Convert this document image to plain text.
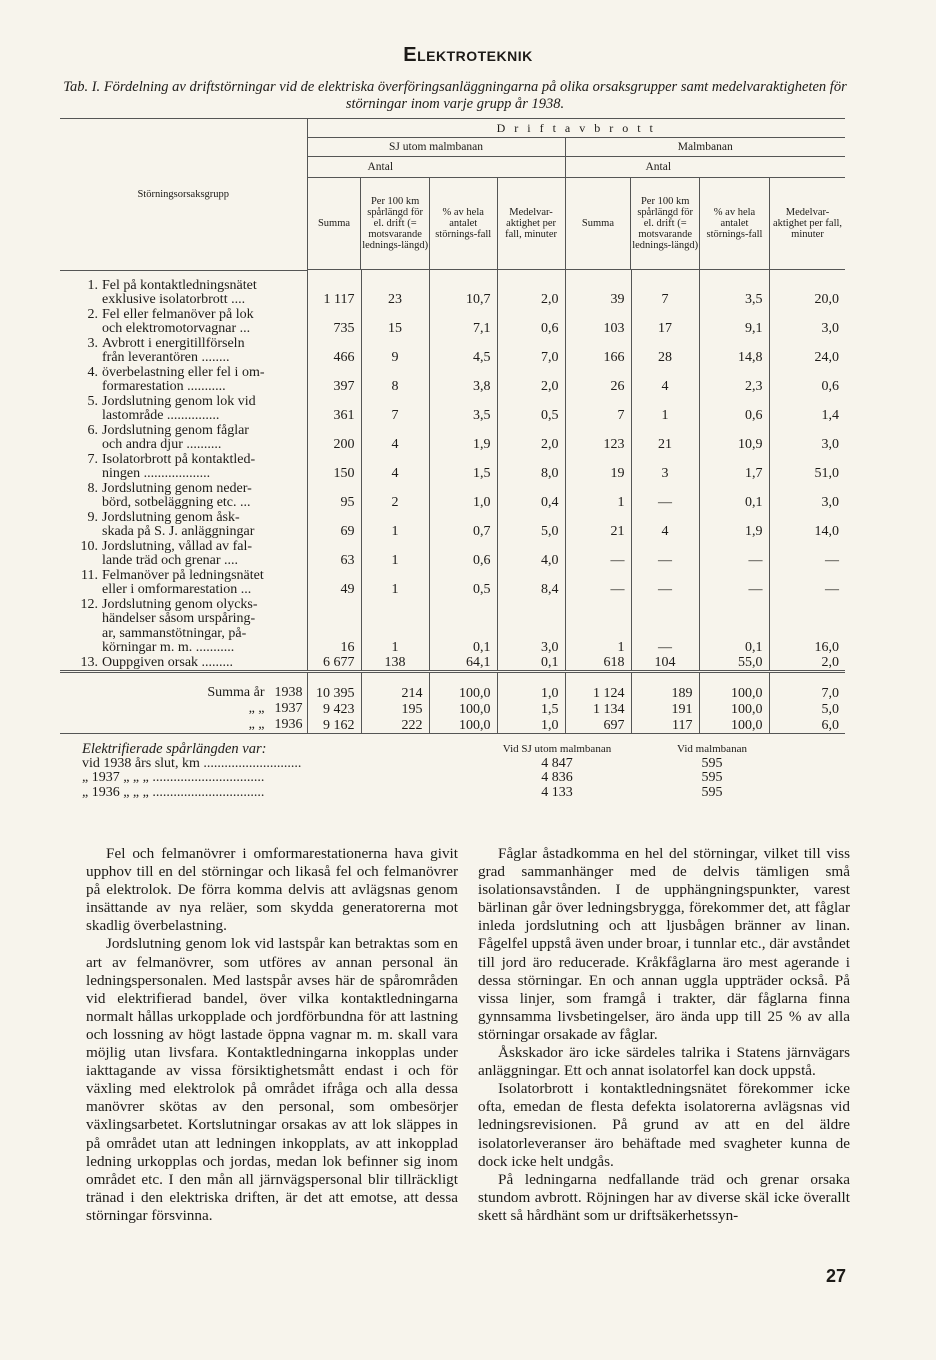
Elektroteknik
Tab. I. Fördelning av driftstörningar vid de elektriska överföringsanläggningarna på olika orsaksgrupper samt medelvaraktigheten för störningar inom varje grupp år 1938.
Störningsorsaksgrupp	D r i f t a v b r o t t
SJ utom malmbanan	Malmbanan

Antal
Summa	Per 100 km spårlängd för el. drift (= motsvarande lednings-längd)	% av hela antalet störnings-fall	Medelvar-aktighet per fall, minuter

Antal
Summa	Per 100 km spårlängd för el. drift (= motsvarande lednings-längd)	% av hela antalet störnings-fall	Medelvar-aktighet per fall, minuter

1. Fel på kontaktledningsnätet								
exklusive isolatorbrott ....	1 117	23	10,7	2,0	39	7	3,5	20,0
2. Fel eller felmanöver på lok								
och elektromotorvagnar ...	735	15	7,1	0,6	103	17	9,1	3,0
3. Avbrott i energitillförseln								
från leverantören ........	466	9	4,5	7,0	166	28	14,8	24,0
4. överbelastning eller fel i om-								
formarestation ...........	397	8	3,8	2,0	26	4	2,3	0,6
5. Jordslutning genom lok vid								
lastområde ...............	361	7	3,5	0,5	7	1	0,6	1,4
6. Jordslutning genom fåglar								
och andra djur ..........	200	4	1,9	2,0	123	21	10,9	3,0
7. Isolatorbrott på kontaktled-								
ningen ...................	150	4	1,5	8,0	19	3	1,7	51,0
8. Jordslutning genom neder-								
börd, sotbeläggning etc. ...	95	2	1,0	0,4	1	—	0,1	3,0
9. Jordslutning genom åsk-								
skada på S. J. anläggningar	69	1	0,7	5,0	21	4	1,9	14,0
10. Jordslutning, vållad av fal-								
lande träd och grenar ....	63	1	0,6	4,0	—	—	—	—
11. Felmanöver på ledningsnätet								
eller i omformarestation ...	49	1	0,5	8,4	—	—	—	—
12. Jordslutning genom olycks-								
händelser såsom urspåring-								
ar, sammanstötningar, på-								
körningar m. m. ...........	16	1	0,1	3,0	1	—	0,1	16,0
13. Ouppgiven orsak .........	6 677	138	64,1	0,1	618	104	55,0	2,0
Summa år 1938	10 395	214	100,0	1,0	1 124	189	100,0	7,0
„ „ 1937	9 423	195	100,0	1,5	1 134	191	100,0	5,0
„ „ 1936	9 162	222	100,0	1,0	697	117	100,0	6,0
Elektrifierade spårlängden var:	Vid SJ utom malmbanan	Vid malmbanan
vid 1938 års slut, km ............................	4 847	595
„ 1937 „ „ „ ................................	4 836	595
„ 1936 „ „ „ ................................	4 133	595

Fel och felmanövrer i omformarestationerna hava givit upphov till en del störningar och likaså fel och felmanövrer på elektrolok. De förra komma delvis att avlägsnas genom insättande av nya reläer, som skydda generatorerna mot skadlig överbelastning.

Jordslutning genom lok vid lastspår kan betraktas som en art av felmanövrer, som utföres av annan personal än ledningspersonalen. Med lastspår avses här de spårområden vid elektrifierad bandel, över vilka kontaktledningarna normalt hållas urkopplade och jordförbundna för att lastning och lossning av högt lastade öppna vagnar m. m. skall vara möjlig utan livsfara. Kontaktledningarna inkopplas under iakttagande av vissa försiktighetsmått endast i och för växling med elektrolok på området ifråga och alla dessa manövrer skötas av den personal, som ombesörjer växlingsarbetet. Kortslutningar orsakas av att lok släppes in på området utan att ledningen inkopplats, av att inkopplad ledning urkopplas och jordas, medan lok befinner sig inom området etc. I den mån all järnvägspersonal blir tillräckligt tränad i den elektriska driften, är det att emotse, att dessa störningar försvinna.

Fåglar åstadkomma en hel del störningar, vilket till viss grad sammanhänger med de delvis tämligen små isolationsavstånden. I de upphängningspunkter, varest bärlinan går över ledningsbrygga, förekommer det, att fåglar inleda jordslutning och att ljusbågen bränner av linan. Fågelfel uppstå även under broar, i tunnlar etc., där avståndet till jord äro reducerade. Kråkfåglarna äro mest agerande i dessa störningar. En och annan uggla uppträder också. På vissa linjer, som framgå i trakter, där fåglarna finna gynnsamma livsbetingelser, äro ända upp till 25 % av alla störningar orsakade av fåglar.

Åskskador äro icke särdeles talrika i Statens järnvägars anläggningar. Ett och annat isolatorfel kan dock uppstå.

Isolatorbrott i kontaktledningsnätet förekommer icke ofta, emedan de flesta defekta isolatorerna avlägsnas vid ledningsrevisionen. På grund av att en del äldre isolatorleveranser äro behäftade med svagheter kunna de dock icke helt undgås.

På ledningarna nedfallande träd och grenar orsaka stundom avbrott. Röjningen har av diverse skäl icke överallt skett så hårdhänt som ur driftsäkerhetssyn-

27
